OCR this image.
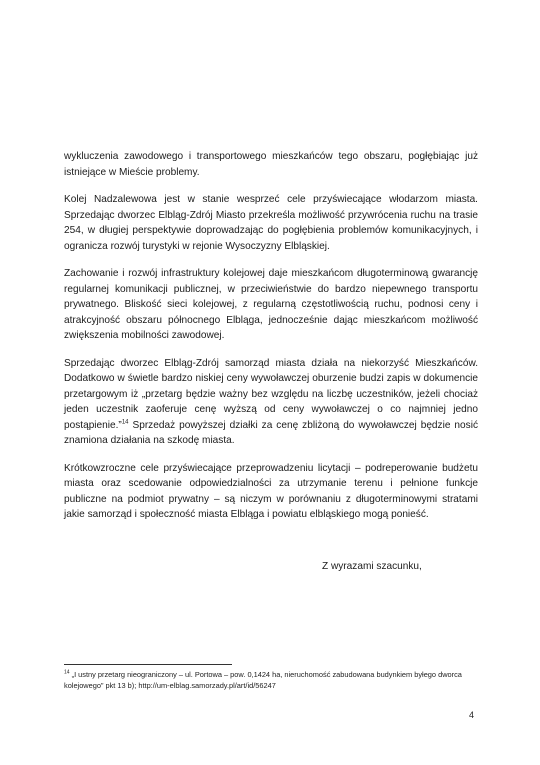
wykluczenia zawodowego i transportowego mieszkańców tego obszaru, pogłębiając już istniejące w Mieście problemy.

Kolej Nadzalewowa jest w stanie wesprzeć cele przyświecające włodarzom miasta. Sprzedając dworzec Elbląg-Zdrój Miasto przekreśla możliwość przywrócenia ruchu na trasie 254, w długiej perspektywie doprowadzając do pogłębienia problemów komunikacyjnych, i ogranicza rozwój turystyki w rejonie Wysoczyzny Elbląskiej.

Zachowanie i rozwój infrastruktury kolejowej daje mieszkańcom długoterminową gwarancję regularnej komunikacji publicznej, w przeciwieństwie do bardzo niepewnego transportu prywatnego. Bliskość sieci kolejowej, z regularną częstotliwością ruchu, podnosi ceny i atrakcyjność obszaru północnego Elbląga, jednocześnie dając mieszkańcom możliwość zwiększenia mobilności zawodowej.

Sprzedając dworzec Elbląg-Zdrój samorząd miasta działa na niekorzyść Mieszkańców. Dodatkowo w świetle bardzo niskiej ceny wywoławczej oburzenie budzi zapis w dokumencie przetargowym iż „przetarg będzie ważny bez względu na liczbę uczestników, jeżeli chociaż jeden uczestnik zaoferuje cenę wyższą od ceny wywoławczej o co najmniej jedno postąpienie.”$^{14}$ Sprzedaż powyższej działki za cenę zbliżoną do wywoławczej będzie nosić znamiona działania na szkodę miasta.

Krótkowzroczne cele przyświecające przeprowadzeniu licytacji – podreperowanie budżetu miasta oraz scedowanie odpowiedzialności za utrzymanie terenu i pełnione funkcje publiczne na podmiot prywatny – są niczym w porównaniu z długoterminowymi stratami jakie samorząd i społeczność miasta Elbląga i powiatu elbląskiego mogą ponieść.

Z wyrazami szacunku,
$^{14}$ „I ustny przetarg nieograniczony – ul. Portowa – pow. 0,1424 ha, nieruchomość zabudowana budynkiem byłego dworca kolejowego” pkt 13 b); http://um-elblag.samorzady.pl/art/id/56247
4
